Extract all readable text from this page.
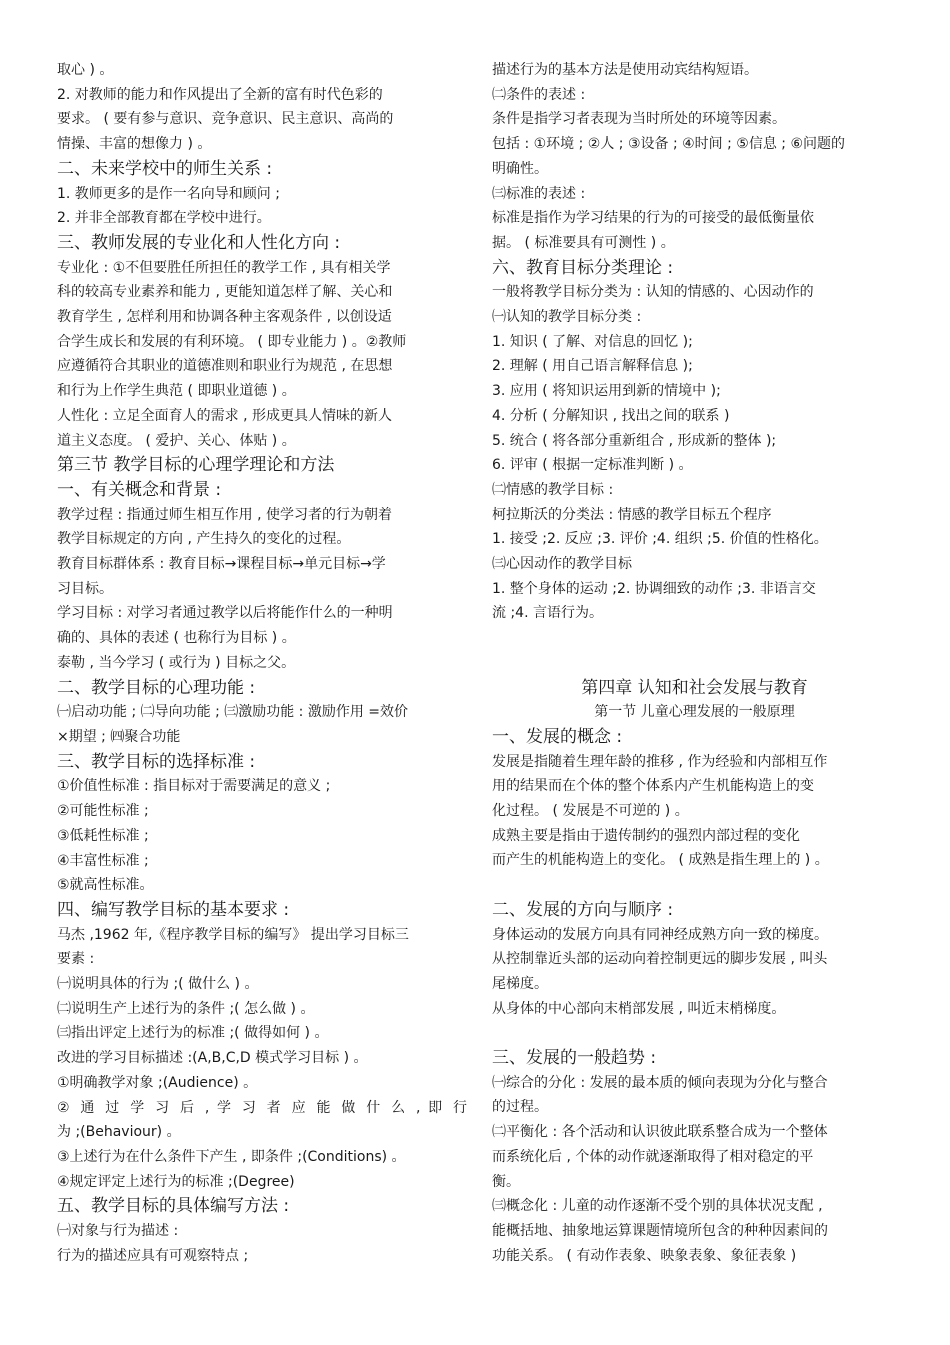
取心 ) 。

2. 对教师的能力和作风提出了全新的富有时代色彩的

要求。 ( 要有参与意识、竞争意识、民主意识、高尚的

情操、丰富的想像力 ) 。

二、未来学校中的师生关系 :

1. 教师更多的是作一名向导和顾问 ;

2. 并非全部教育都在学校中进行。

三、教师发展的专业化和人性化方向 :

专业化 : ①不但要胜任所担任的教学工作 , 具有相关学

科的较高专业素养和能力 , 更能知道怎样了解、关心和

教育学生 , 怎样利用和协调各种主客观条件 , 以创设适

合学生成长和发展的有利环境。 ( 即专业能力 ) 。②教师

应遵循符合其职业的道德准则和职业行为规范 , 在思想

和行为上作学生典范 ( 即职业道德 ) 。

人性化 : 立足全面育人的需求 , 形成更具人情味的新人

道主义态度。 ( 爱护、关心、体贴 ) 。

第三节 教学目标的心理学理论和方法

一、有关概念和背景 :

教学过程 : 指通过师生相互作用 , 使学习者的行为朝着

教学目标规定的方向 , 产生持久的变化的过程。

教育目标群体系 : 教育目标→课程目标→单元目标→学

习目标。

学习目标 : 对学习者通过教学以后将能作什么的一种明

确的、具体的表述 ( 也称行为目标 ) 。

泰勒 , 当今学习 ( 或行为 ) 目标之父。

二、教学目标的心理功能 :

㈠启动功能 ; ㈡导向功能 ; ㈢激励功能 : 激励作用 =效价

×期望 ; ㈣聚合功能

三、教学目标的选择标准 :

①价值性标准 : 指目标对于需要满足的意义 ;

②可能性标准 ;

③低耗性标准 ;

④丰富性标准 ;

⑤就高性标准。

四、编写教学目标的基本要求 :

马杰 ,1962 年,《程序教学目标的编写》 提出学习目标三

要素 :

㈠说明具体的行为 ;( 做什么 ) 。

㈡说明生产上述行为的条件 ;( 怎么做 ) 。

㈢指出评定上述行为的标准 ;( 做得如何 ) 。

改进的学习目标描述 :(A,B,C,D 模式学习目标 ) 。

①明确教学对象 ;(Audience) 。

② 通 过 学 习 后 , 学 习 者 应 能 做 什 么 , 即 行

为 ;(Behaviour) 。

③上述行为在什么条件下产生 , 即条件 ;(Conditions) 。

④规定评定上述行为的标准 ;(Degree)

五、教学目标的具体编写方法 :

㈠对象与行为描述 :

行为的描述应具有可观察特点 ;

描述行为的基本方法是使用动宾结构短语。

㈡条件的表述 :

条件是指学习者表现为当时所处的环境等因素。

包括 : ①环境 ; ②人 ; ③设备 ; ④时间 ; ⑤信息 ; ⑥问题的

明确性。

㈢标准的表述 :

标准是指作为学习结果的行为的可接受的最低衡量依

据。 ( 标准要具有可测性 ) 。

六、教育目标分类理论 :

一般将教学目标分类为 : 认知的情感的、心因动作的

㈠认知的教学目标分类 :

1. 知识 ( 了解、对信息的回忆 );

2. 理解 ( 用自己语言解释信息 );

3. 应用 ( 将知识运用到新的情境中 );

4. 分析 ( 分解知识 , 找出之间的联系 )

5. 统合 ( 将各部分重新组合 , 形成新的整体 );

6. 评审 ( 根据一定标准判断 ) 。

㈡情感的教学目标 :

柯拉斯沃的分类法 : 情感的教学目标五个程序

1. 接受 ;2. 反应 ;3. 评价 ;4. 组织 ;5. 价值的性格化。

㈢心因动作的教学目标

1. 整个身体的运动 ;2. 协调细致的动作 ;3. 非语言交

流 ;4. 言语行为。

第四章 认知和社会发展与教育

第一节 儿童心理发展的一般原理

一、发展的概念 :

发展是指随着生理年龄的推移 , 作为经验和内部相互作

用的结果而在个体的整个体系内产生机能构造上的变

化过程。 ( 发展是不可逆的 ) 。

成熟主要是指由于遗传制约的强烈内部过程的变化

而产生的机能构造上的变化。 ( 成熟是指生理上的 ) 。

二、发展的方向与顺序 :

身体运动的发展方向具有同神经成熟方向一致的梯度。

从控制靠近头部的运动向着控制更远的脚步发展 , 叫头

尾梯度。

从身体的中心部向末梢部发展 , 叫近末梢梯度。

三、发展的一般趋势 :

㈠综合的分化 : 发展的最本质的倾向表现为分化与整合

的过程。

㈡平衡化 : 各个活动和认识彼此联系整合成为一个整体

而系统化后 , 个体的动作就逐渐取得了相对稳定的平

衡。

㈢概念化 : 儿童的动作逐渐不受个别的具体状况支配 ,

能概括地、抽象地运算课题情境所包含的种种因素间的

功能关系。 ( 有动作表象、映象表象、象征表象 )
